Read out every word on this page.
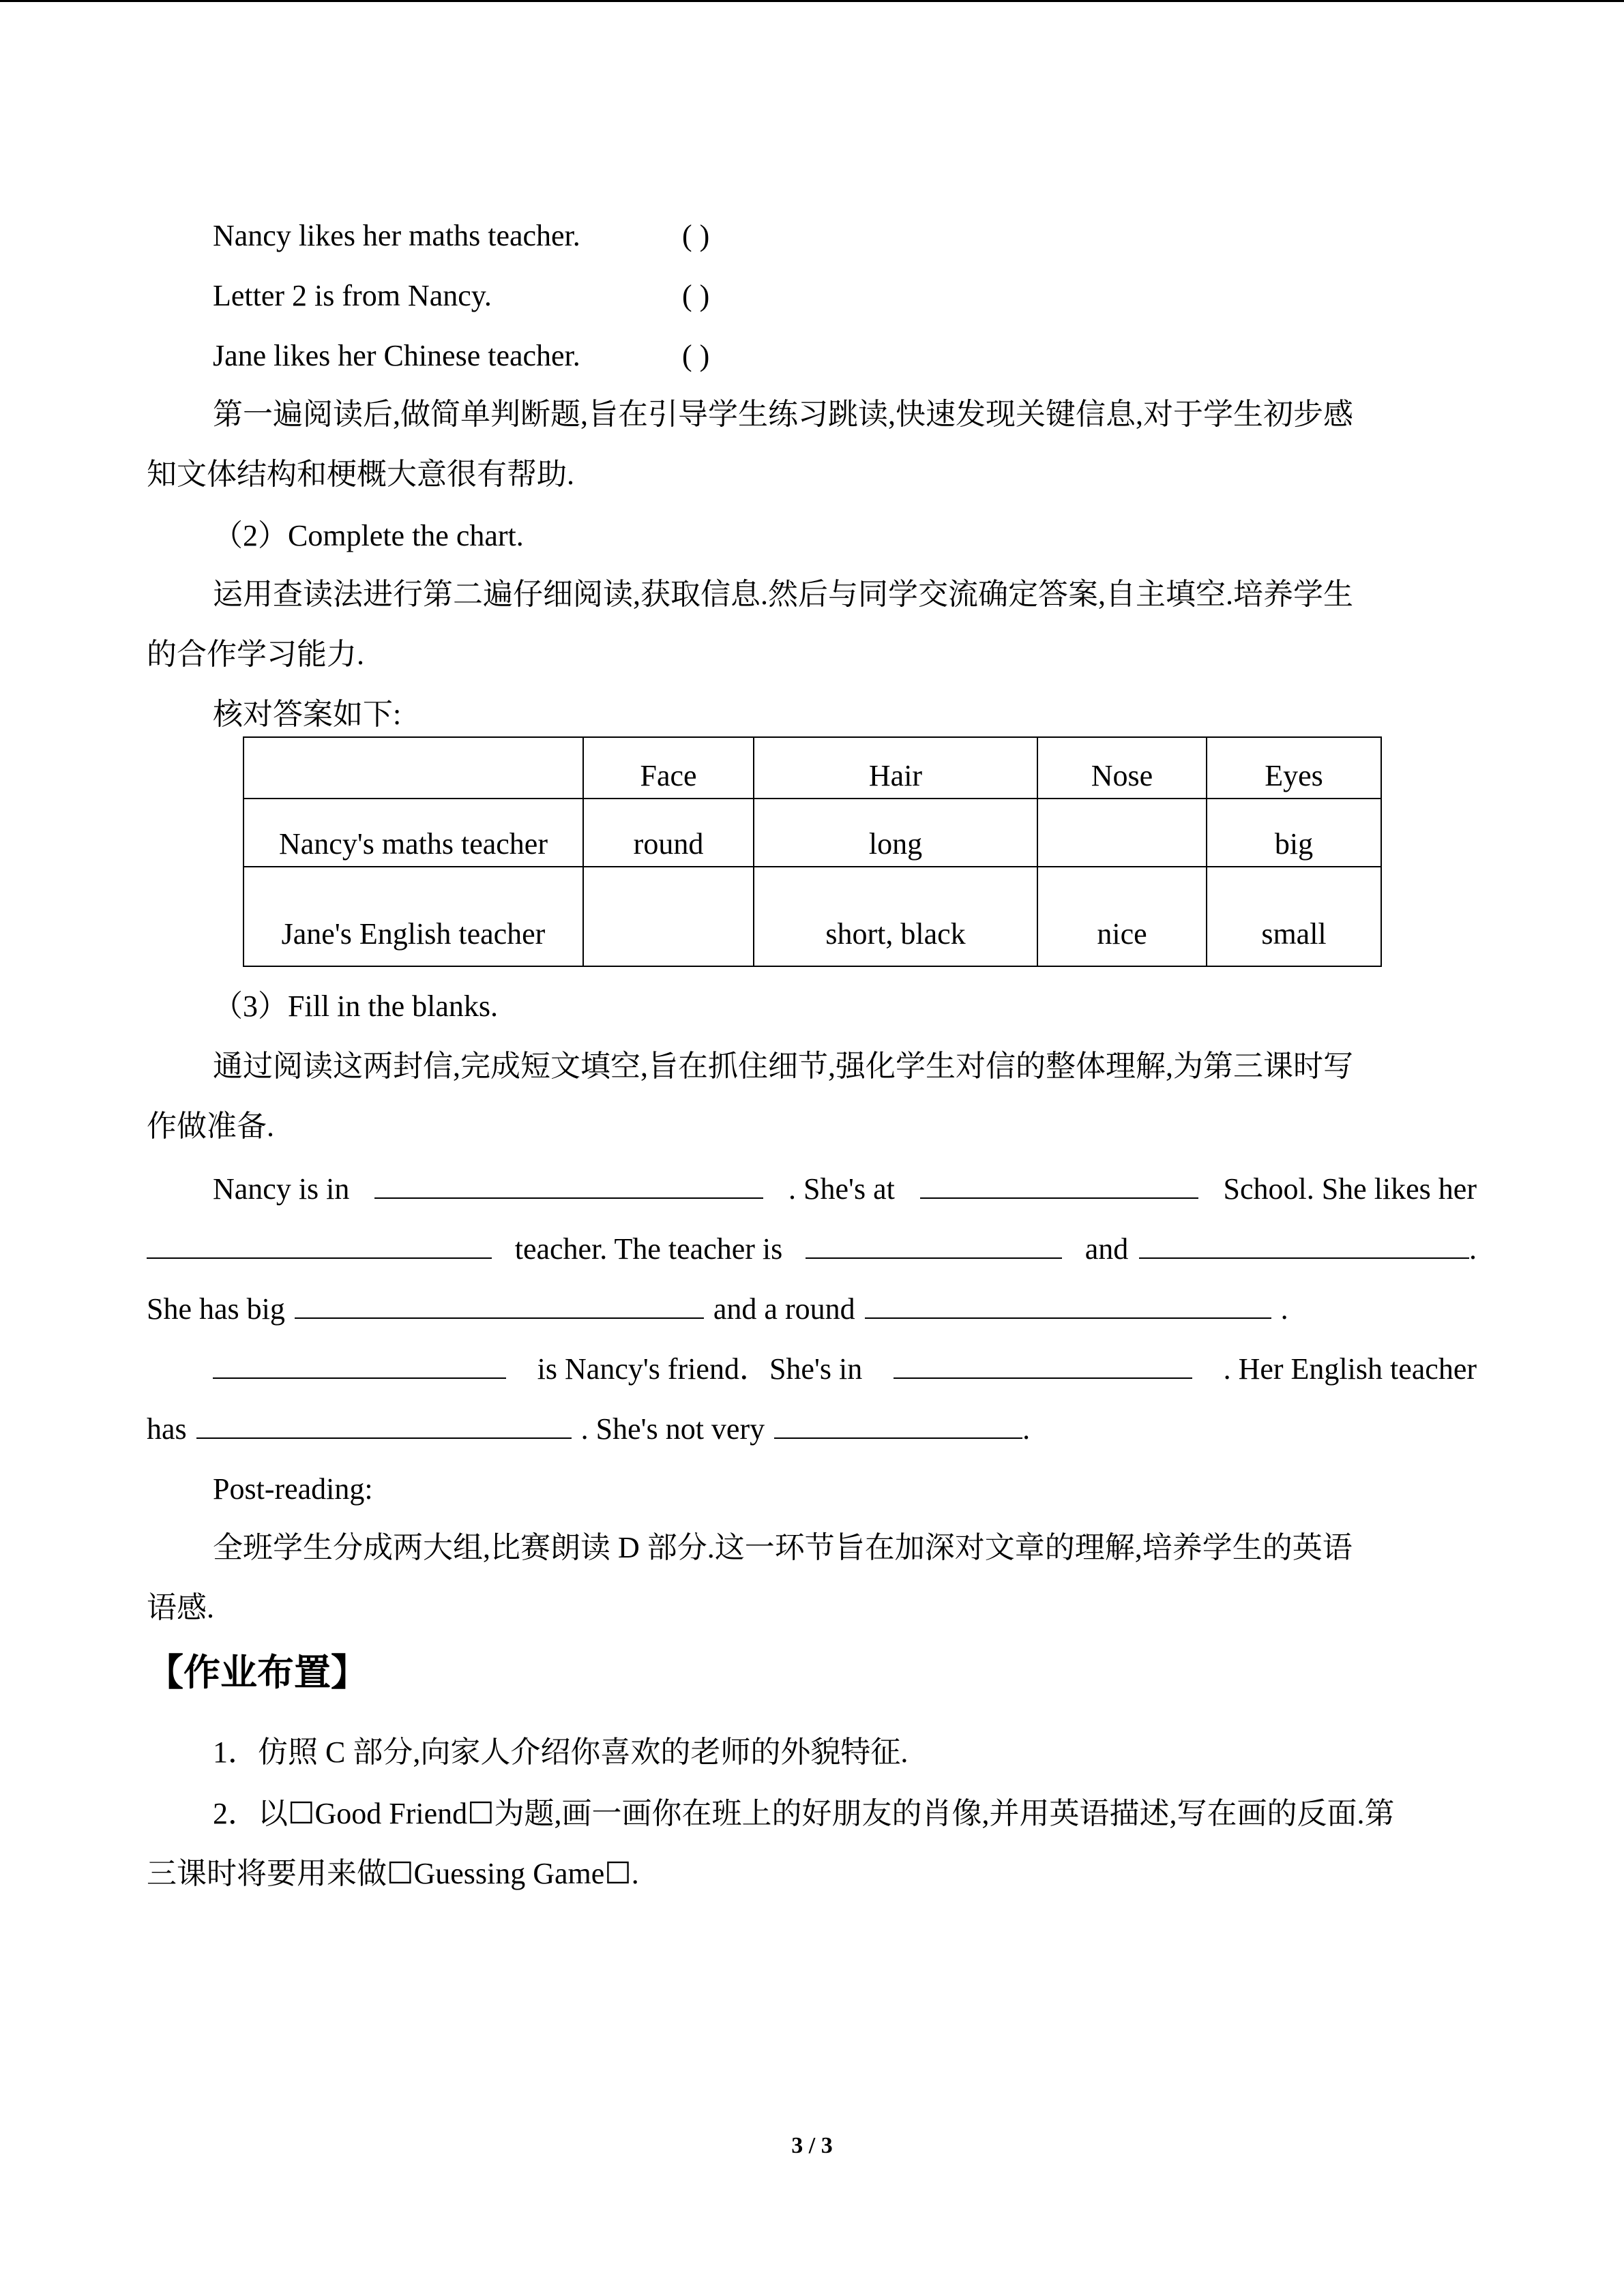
Nancy likes her maths teacher.	( )
Letter 2 is from Nancy.	( )
Jane likes her Chinese teacher.	( )
第一遍阅读后,做简单判断题,旨在引导学生练习跳读,快速发现关键信息,对于学生初步感
知文体结构和梗概大意很有帮助.
（2）Complete the chart.
运用查读法进行第二遍仔细阅读,获取信息.然后与同学交流确定答案,自主填空.培养学生
的合作学习能力.
核对答案如下:
	Face	Hair	Nose	Eyes
Nancy's maths teacher	round	long		big
Jane's English teacher		short, black	nice	small
（3）Fill in the blanks.
通过阅读这两封信,完成短文填空,旨在抓住细节,强化学生对信的整体理解,为第三课时写
作做准备.
Nancy is in	. She's at	School. She likes her
teacher. The teacher is	and	.
She has big	and a round	.
is Nancy's friend．She's in	. Her English teacher
has	. She's not very	.
Post-reading:
全班学生分成两大组,比赛朗读 D 部分.这一环节旨在加深对文章的理解,培养学生的英语
语感.
【作业布置】
1．仿照 C 部分,向家人介绍你喜欢的老师的外貌特征.
2．以☐Good Friend☐为题,画一画你在班上的好朋友的肖像,并用英语描述,写在画的反面.第
三课时将要用来做☐Guessing Game☐.
3 / 3
